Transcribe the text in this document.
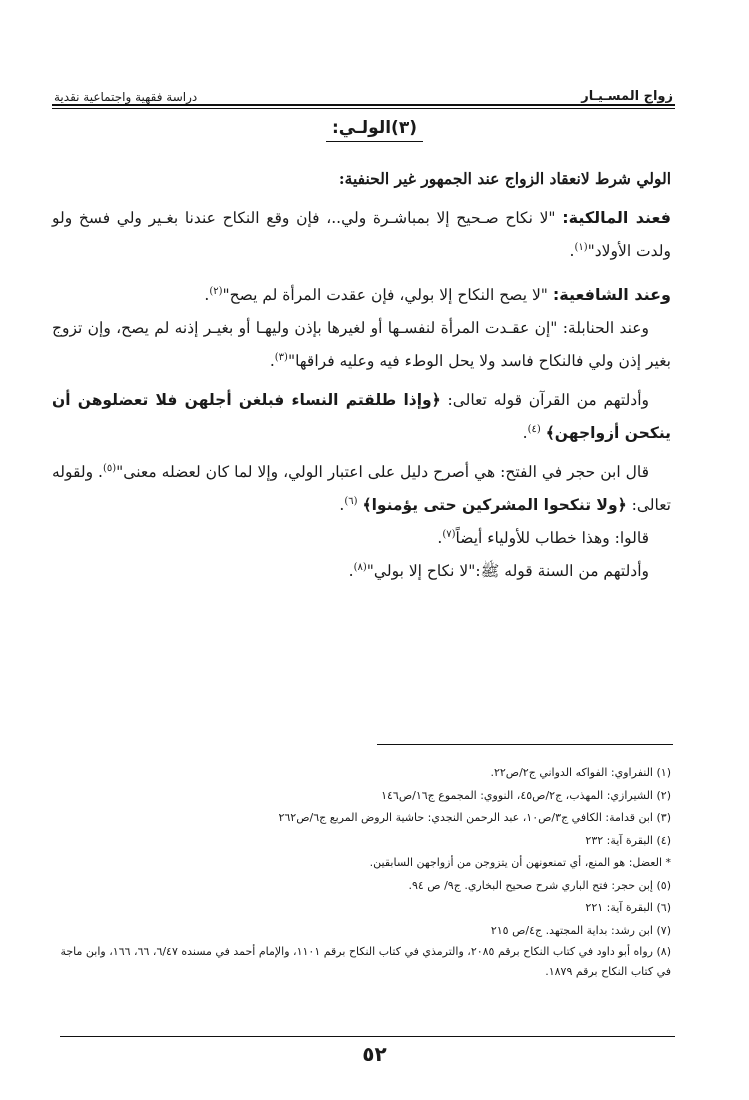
زواج المسـيـار
دراسة فقهية واجتماعية نقدية
(٣)الولـي:

الولي شرط لانعقاد الزواج عند الجمهور غير الحنفية:

فعند المالكية: "لا نكاح صـحيح إلا بمباشـرة ولي..، فإن وقع النكاح عندنا بغـير ولي فسخ ولو ولدت الأولاد"$^{(١)}$.

وعند الشافعية: "لا يصح النكاح إلا بولي، فإن عقدت المرأة لم يصح"$^{(٢)}$.

وعند الحنابلة: "إن عقـدت المرأة لنفسـها أو لغيرها بإذن وليهـا أو بغيـر إذنه لم يصح، وإن تزوج بغير إذن ولي فالنكاح فاسد ولا يحل الوطء فيه وعليه فراقها"$^{(٣)}$.

وأدلتهم من القرآن قوله تعالى: ﴿وإذا طلقتم النساء فبلغن أجلهن فلا تعضلوهن أن ينكحن أزواجهن﴾ $^{(٤)}$.

قال ابن حجر في الفتح: هي أصرح دليل على اعتبار الولي، وإلا لما كان لعضله معنى"$^{(٥)}$. ولقوله تعالى: ﴿ولا تنكحوا المشركين حتى يؤمنوا﴾ $^{(٦)}$.

قالوا: وهذا خطاب للأولياء أيضاً$^{(٧)}$.

وأدلتهم من السنة قوله ﷺ:"لا نكاح إلا بولي"$^{(٨)}$.

(١) النفراوي: الفواكه الدواني ج٢/ص٢٢.

(٢) الشيرازي: المهذب، ج٢/ص٤٥، النووي: المجموع ج١٦/ص١٤٦

(٣) ابن قدامة: الكافي ج٣/ص١٠، عبد الرحمن النجدي: حاشية الروض المربع ج٦/ص٢٦٢

(٤) البقرة آية: ٢٣٢

* العضل: هو المنع، أي تمنعونهن أن يتزوجن من أزواجهن السابقين.

(٥) إبن حجر: فتح الباري شرح صحيح البخاري. ج٩/ ص ٩٤.

(٦) البقرة آية: ٢٢١

(٧) ابن رشد: بداية المجتهد. ج٤/ص ٢١٥

(٨) رواه أبو داود في كتاب النكاح برقم ٢٠٨٥، والترمذي في كتاب النكاح برقم ١١٠١، والإمام أحمد في مسنده ٦/٤٧، ٦٦، ١٦٦، وابن ماجة في كتاب النكاح برقم ١٨٧٩.

٥٢
